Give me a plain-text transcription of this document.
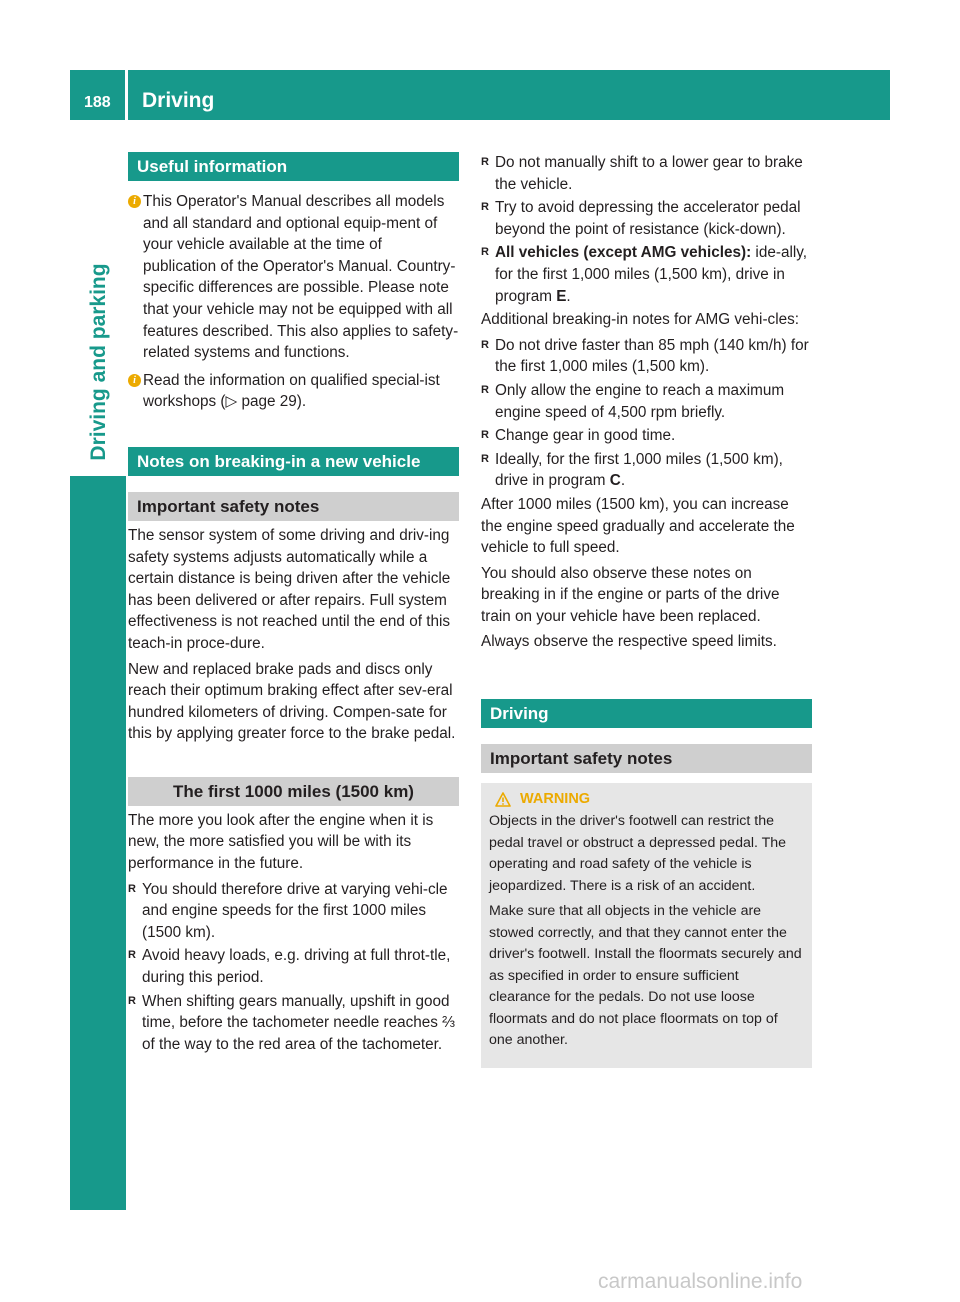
188 Driving
Driving and parking
Useful information
i This Operator's Manual describes all models and all standard and optional equip-ment of your vehicle available at the time of publication of the Operator's Manual. Country-specific differences are possible. Please note that your vehicle may not be equipped with all features described. This also applies to safety-related systems and functions.
i Read the information on qualified special-ist workshops (▷ page 29).
Notes on breaking-in a new vehicle
Important safety notes

The sensor system of some driving and driv-ing safety systems adjusts automatically while a certain distance is being driven after the vehicle has been delivered or after repairs. Full system effectiveness is not reached until the end of this teach-in proce-dure.

New and replaced brake pads and discs only reach their optimum braking effect after sev-eral hundred kilometers of driving. Compen-sate for this by applying greater force to the brake pedal.

The first 1000 miles (1500 km)

The more you look after the engine when it is new, the more satisfied you will be with its performance in the future.

R You should therefore drive at varying vehi-cle and engine speeds for the first 1000 miles (1500 km).
R Avoid heavy loads, e.g. driving at full throt-tle, during this period.
R When shifting gears manually, upshift in good time, before the tachometer needle reaches ⅔ of the way to the red area of the tachometer.
R Do not manually shift to a lower gear to brake the vehicle.
R Try to avoid depressing the accelerator pedal beyond the point of resistance (kick-down).
R All vehicles (except AMG vehicles): ide-ally, for the first 1,000 miles (1,500 km), drive in program E.

Additional breaking-in notes for AMG vehi-cles:

R Do not drive faster than 85 mph (140 km/h) for the first 1,000 miles (1,500 km).
R Only allow the engine to reach a maximum engine speed of 4,500 rpm briefly.
R Change gear in good time.
R Ideally, for the first 1,000 miles (1,500 km), drive in program C.

After 1000 miles (1500 km), you can increase the engine speed gradually and accelerate the vehicle to full speed.

You should also observe these notes on breaking in if the engine or parts of the drive train on your vehicle have been replaced.

Always observe the respective speed limits.

Driving
Important safety notes
WARNING

Objects in the driver's footwell can restrict the pedal travel or obstruct a depressed pedal. The operating and road safety of the vehicle is jeopardized. There is a risk of an accident.

Make sure that all objects in the vehicle are stowed correctly, and that they cannot enter the driver's footwell. Install the floormats securely and as specified in order to ensure sufficient clearance for the pedals. Do not use loose floormats and do not place floormats on top of one another.

carmanualsonline.info
